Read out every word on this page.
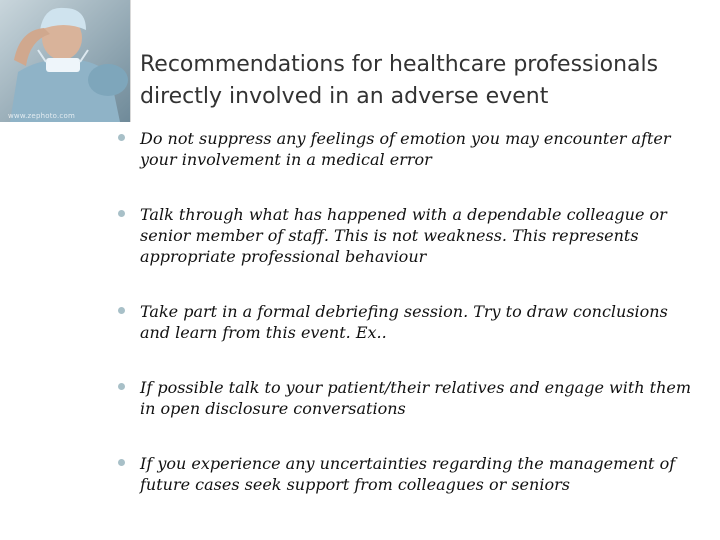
www.zephoto.com
Recommendations for healthcare professionals directly involved in an adverse event
Do not suppress any feelings of emotion you may encounter after your involvement in a medical error
Talk through what has happened with a dependable colleague or senior member of staff. This is not weakness. This represents appropriate professional behaviour
Take part in a formal debriefing session. Try to draw conclusions and learn from this event. Ex..
If possible talk to your patient/their relatives and engage with them in open disclosure conversations
If you experience any uncertainties regarding the management of future cases seek support from colleagues or seniors
